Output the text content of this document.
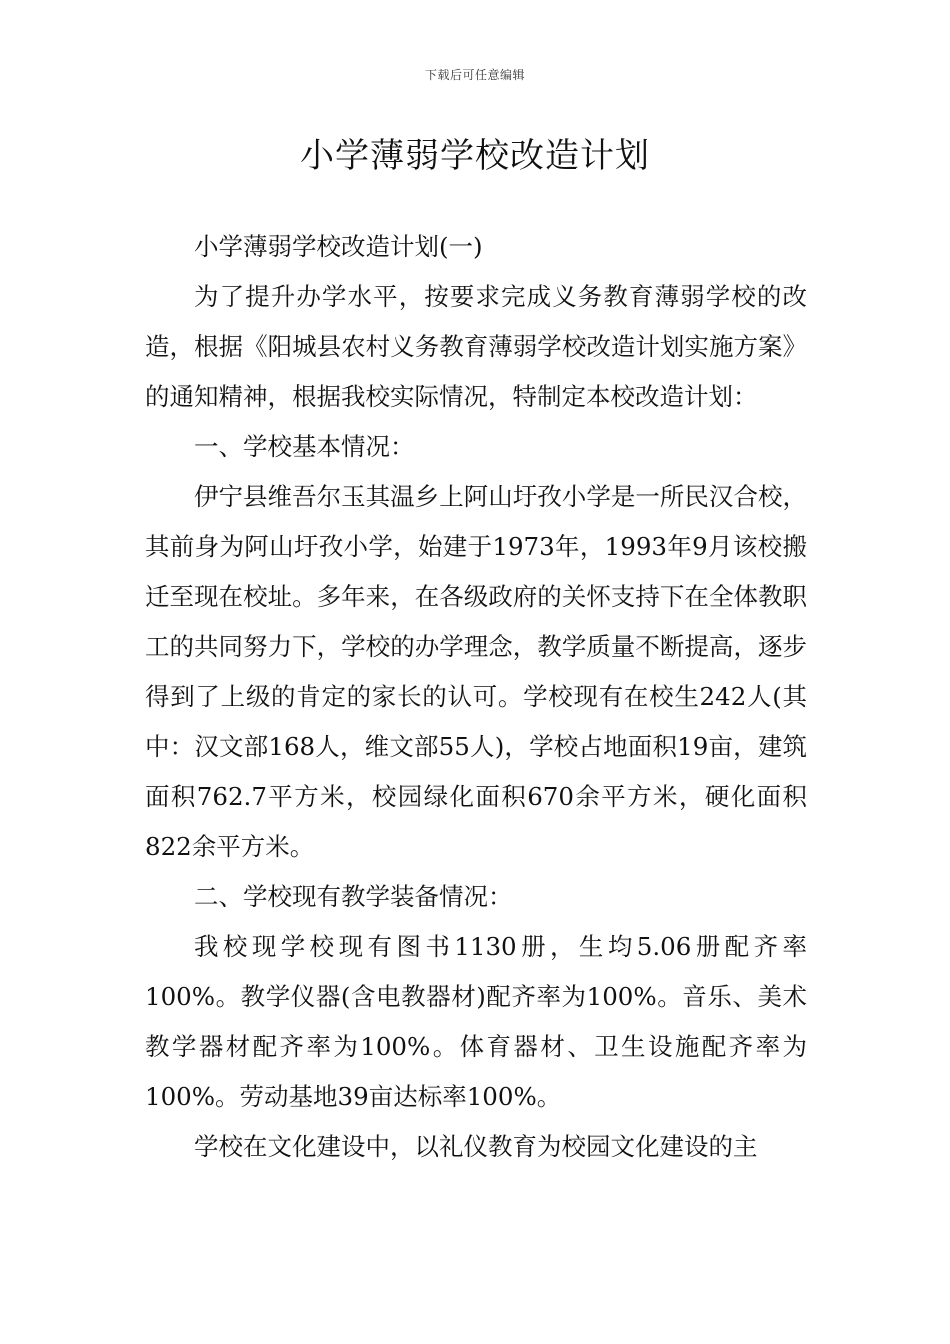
下载后可任意编辑
小学薄弱学校改造计划

小学薄弱学校改造计划(一)

为了提升办学水平，按要求完成义务教育薄弱学校的改造，根据《阳城县农村义务教育薄弱学校改造计划实施方案》的通知精神，根据我校实际情况，特制定本校改造计划：

一、学校基本情况：

伊宁县维吾尔玉其温乡上阿山圩孜小学是一所民汉合校，其前身为阿山圩孜小学，始建于1973年，1993年9月该校搬迁至现在校址。多年来，在各级政府的关怀支持下在全体教职工的共同努力下，学校的办学理念，教学质量不断提高，逐步得到了上级的肯定的家长的认可。学校现有在校生242人(其中：汉文部168人，维文部55人)，学校占地面积19亩，建筑面积762.7平方米，校园绿化面积670余平方米，硬化面积822余平方米。

二、学校现有教学装备情况：

我校现学校现有图书1130册，生均5.06册配齐率100%。教学仪器(含电教器材)配齐率为100%。音乐、美术教学器材配齐率为100%。体育器材、卫生设施配齐率为100%。劳动基地39亩达标率100%。

学校在文化建设中，以礼仪教育为校园文化建设的主
